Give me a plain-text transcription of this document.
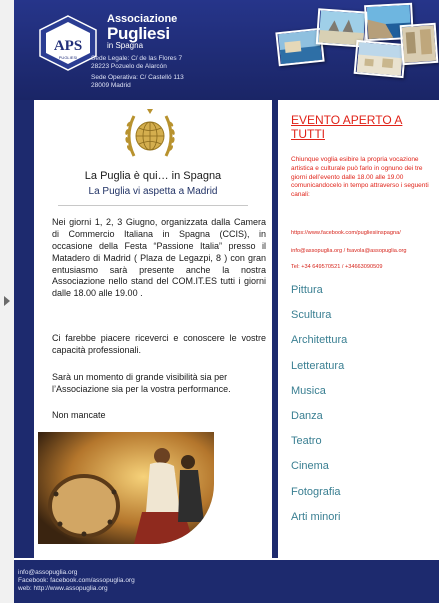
APS
PUGLIESI
Associazione
Pugliesi
in Spagna
Sede Legale: C/ de las Flores 7
28223 Pozuelo de Alarcón
Sede Operativa: C/ Castelló 113
28009 Madrid
La Puglia è qui… in Spagna
La Puglia vi aspetta a Madrid
Nei giorni 1, 2, 3 Giugno, organizzata dalla Camera di Commercio Italiana in Spagna (CCIS), in occasione della Festa “Passione Italia” presso il Matadero di Madrid ( Plaza de Legazpi, 8 ) con gran entusiasmo sarà presente anche la nostra Associazione nello stand del COM.IT.ES tutti i giorni dalle 18.00 alle 19.00 .
Ci farebbe piacere riceverci e conoscere le vostre capacità professionali.
Sarà un momento di grande visibilità sia per l’Associazione sia per la vostra performance.
Non mancate
EVENTO APERTO A TUTTI
Chiunque voglia esibire la propria vocazione artistica e culturale può farlo in ognuno dei tre giorni dell’evento dalle 18.00 alle 19.00 comunicandocelo in tempo attraverso i seguenti canali:
https://www.facebook.com/pugliesiinspagna/
info@assopuglia.org / fsavola@assopuglia.org
Tel: +34 649570521 / +34663090509
Pittura
Scultura
Architettura
Letteratura
Musica
Danza
Teatro
Cinema
Fotografia
Arti minori
info@assopuglia.org
Facebook: facebook.com/assopuglia.org
web: http://www.assopuglia.org
